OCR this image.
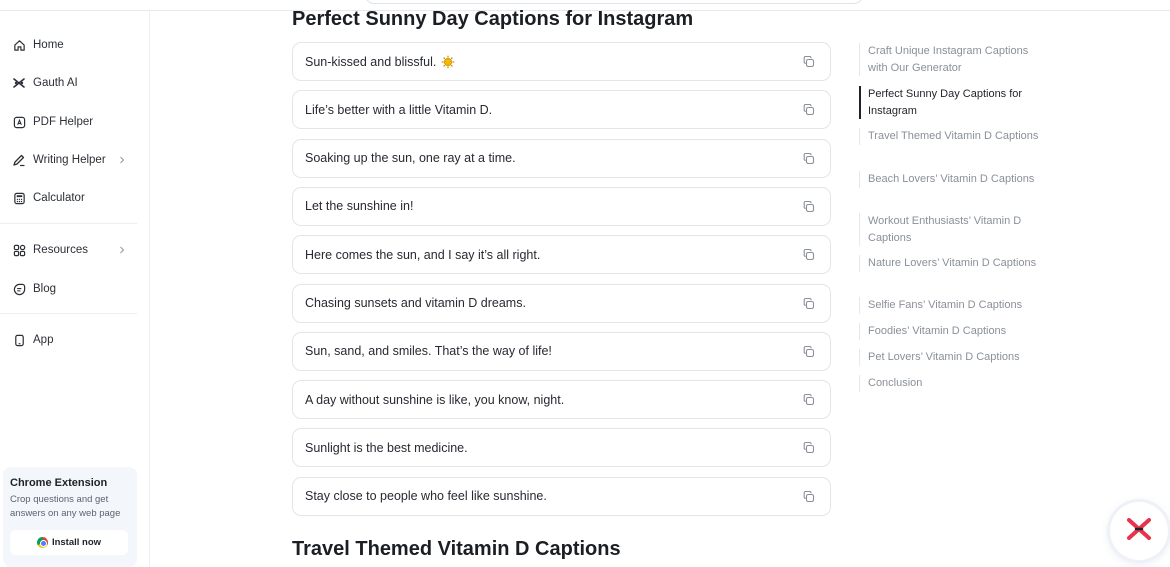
Home
Gauth AI
PDF Helper
Writing Helper
Calculator
Resources
Blog
App
Chrome Extension
Crop questions and get answers on any web page
Install now
Perfect Sunny Day Captions for Instagram
Sun-kissed and blissful.
Life’s better with a little Vitamin D.
Soaking up the sun, one ray at a time.
Let the sunshine in!
Here comes the sun, and I say it’s all right.
Chasing sunsets and vitamin D dreams.
Sun, sand, and smiles. That’s the way of life!
A day without sunshine is like, you know, night.
Sunlight is the best medicine.
Stay close to people who feel like sunshine.
Travel Themed Vitamin D Captions
Craft Unique Instagram Captions with Our Generator
Perfect Sunny Day Captions for Instagram
Travel Themed Vitamin D Captions
Beach Lovers’ Vitamin D Captions
Workout Enthusiasts’ Vitamin D Captions
Nature Lovers’ Vitamin D Captions
Selfie Fans’ Vitamin D Captions
Foodies’ Vitamin D Captions
Pet Lovers’ Vitamin D Captions
Conclusion
